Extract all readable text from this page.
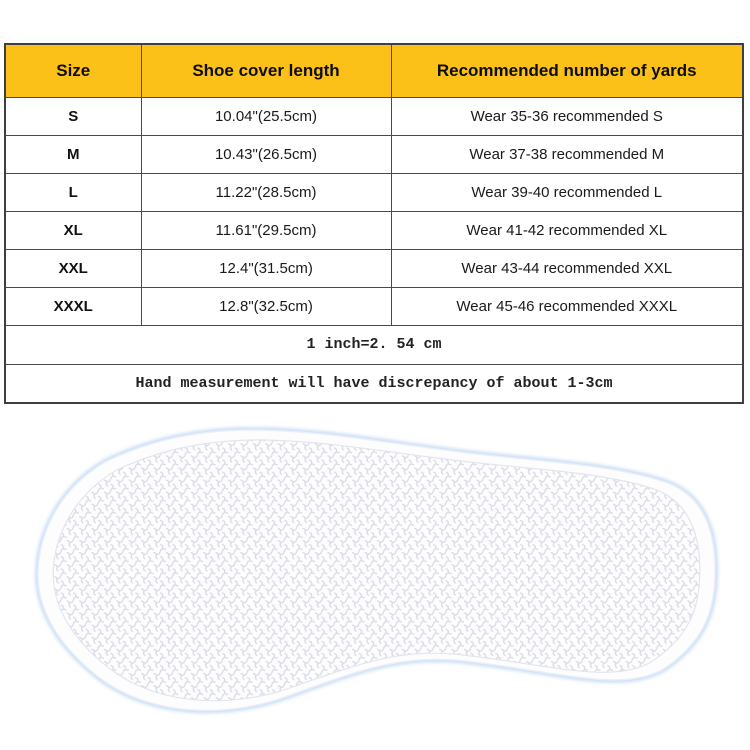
Size	Shoe cover length	Recommended number of yards
S	10.04"(25.5cm)	Wear 35-36 recommended S
M	10.43"(26.5cm)	Wear 37-38 recommended M
L	11.22"(28.5cm)	Wear 39-40 recommended L
XL	11.61"(29.5cm)	Wear 41-42 recommended XL
XXL	12.4"(31.5cm)	Wear 43-44 recommended XXL
XXXL	12.8"(32.5cm)	Wear 45-46 recommended XXXL
1 inch=2. 54 cm		
Hand measurement will have discrepancy of about 1-3cm		
